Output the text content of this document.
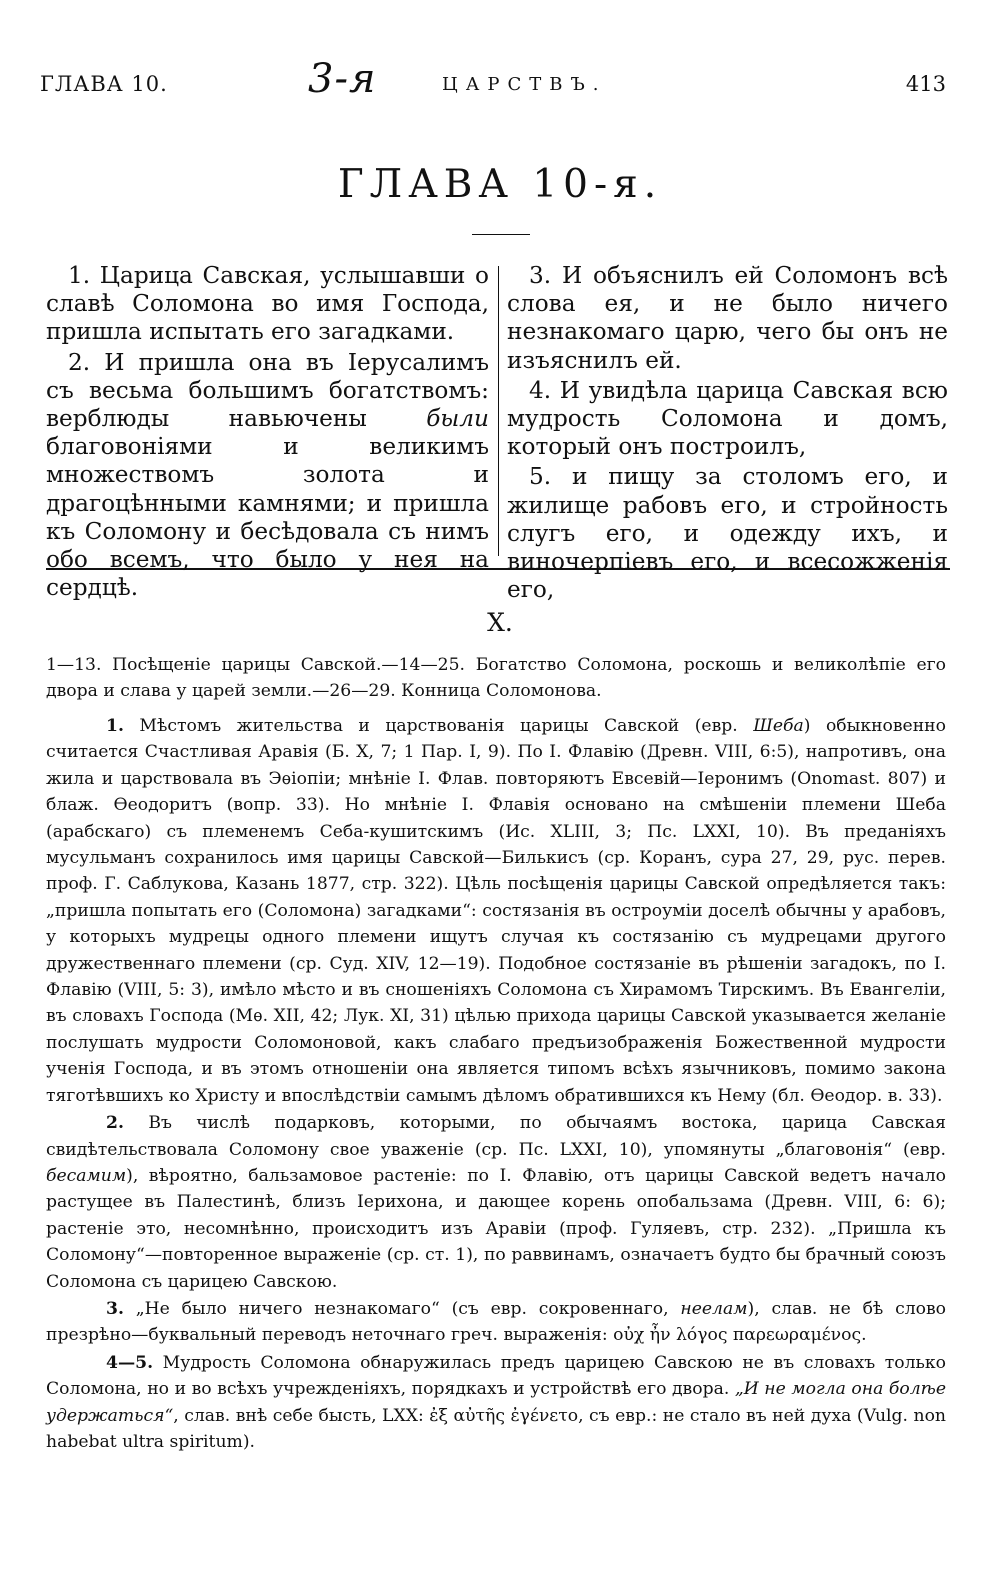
ГЛАВА 10.	3-я	ЦАРСТВЪ.	413
ГЛАВА 10-я.

1. Царица Савская, услышавши о славѣ Соломона во имя Господа, пришла испытать его загадками.

2. И пришла она въ Іерусалимъ съ весьма большимъ богатствомъ: верблюды навьючены были благовоніями и великимъ множествомъ золота и драгоцѣнными камнями; и пришла къ Соломону и бесѣдовала съ нимъ обо всемъ, что было у нея на сердцѣ.

3. И объяснилъ ей Соломонъ всѣ слова ея, и не было ничего незнакомаго царю, чего бы онъ не изъяснилъ ей.

4. И увидѣла царица Савская всю мудрость Соломона и домъ, который онъ построилъ,

5. и пищу за столомъ его, и жилище рабовъ его, и стройность слугъ его, и одежду ихъ, и виночерпіевъ его, и всесожженія его,

X.

1—13. Посѣщеніе царицы Савской.—14—25. Богатство Соломона, роскошь и великолѣпіе его двора и слава у царей земли.—26—29. Конница Соломонова.

1. Мѣстомъ жительства и царствованія царицы Савской (евр. Шеба) обыкновенно считается Счастливая Аравія (Б. X, 7; 1 Пар. I, 9). По І. Флавію (Древн. VIII, 6:5), напротивъ, она жила и царствовала въ Эѳіопіи; мнѣніе І. Флав. повторяютъ Евсевій—Іеронимъ (Onomast. 807) и блаж. Ѳеодоритъ (вопр. 33). Но мнѣніе І. Флавія основано на смѣшеніи племени Шеба (арабскаго) съ племенемъ Себа-кушитскимъ (Ис. XLIII, 3; Пс. LXXI, 10). Въ преданіяхъ мусульманъ сохранилось имя царицы Савской—Билькисъ (ср. Коранъ, сура 27, 29, рус. перев. проф. Г. Саблукова, Казань 1877, стр. 322). Цѣль посѣщенія царицы Савской опредѣляется такъ: „пришла попытать его (Соломона) загадками“: состязанія въ остроуміи доселѣ обычны у арабовъ, у которыхъ мудрецы одного племени ищутъ случая къ состязанію съ мудрецами другого дружественнаго племени (ср. Суд. XIV, 12—19). Подобное состязаніе въ рѣшеніи загадокъ, по І. Флавію (VIII, 5: 3), имѣло мѣсто и въ сношеніяхъ Соломона съ Хирамомъ Тирскимъ. Въ Евангеліи, въ словахъ Господа (Мѳ. XII, 42; Лук. XI, 31) цѣлью прихода царицы Савской указывается желаніе послушать мудрости Соломоновой, какъ слабаго предъизображенія Божественной мудрости ученія Господа, и въ этомъ отношеніи она является типомъ всѣхъ язычниковъ, помимо закона тяготѣвшихъ ко Христу и впослѣдствіи самымъ дѣломъ обратившихся къ Нему (бл. Ѳеодор. в. 33).

2. Въ числѣ подарковъ, которыми, по обычаямъ востока, царица Савская свидѣтельствовала Соломону свое уваженіе (ср. Пс. LXXI, 10), упомянуты „благовонія“ (евр. бесамим), вѣроятно, бальзамовое растеніе: по І. Флавію, отъ царицы Савской ведетъ начало растущее въ Палестинѣ, близъ Іерихона, и дающее корень опобальзама (Древн. VIII, 6: 6); растеніе это, несомнѣнно, происходитъ изъ Аравіи (проф. Гуляевъ, стр. 232). „Пришла къ Соломону“—повторенное выраженіе (ср. ст. 1), по раввинамъ, означаетъ будто бы брачный союзъ Соломона съ царицею Савскою.

3. „Не было ничего незнакомаго“ (съ евр. сокровеннаго, неелам), слав. не бѣ слово презрѣно—буквальный переводъ неточнаго греч. выраженія: οὐχ ἦν λόγος παρεωραμένος.

4—5. Мудрость Соломона обнаружилась предъ царицею Савскою не въ словахъ только Соломона, но и во всѣхъ учрежденіяхъ, порядкахъ и устройствѣ его двора. „И не могла она болѣе удержаться“, слав. внѣ себе бысть, LXX: ἐξ αὐτῆς ἐγένετο, съ евр.: не стало въ ней духа (Vulg. non habebat ultra spiritum).
